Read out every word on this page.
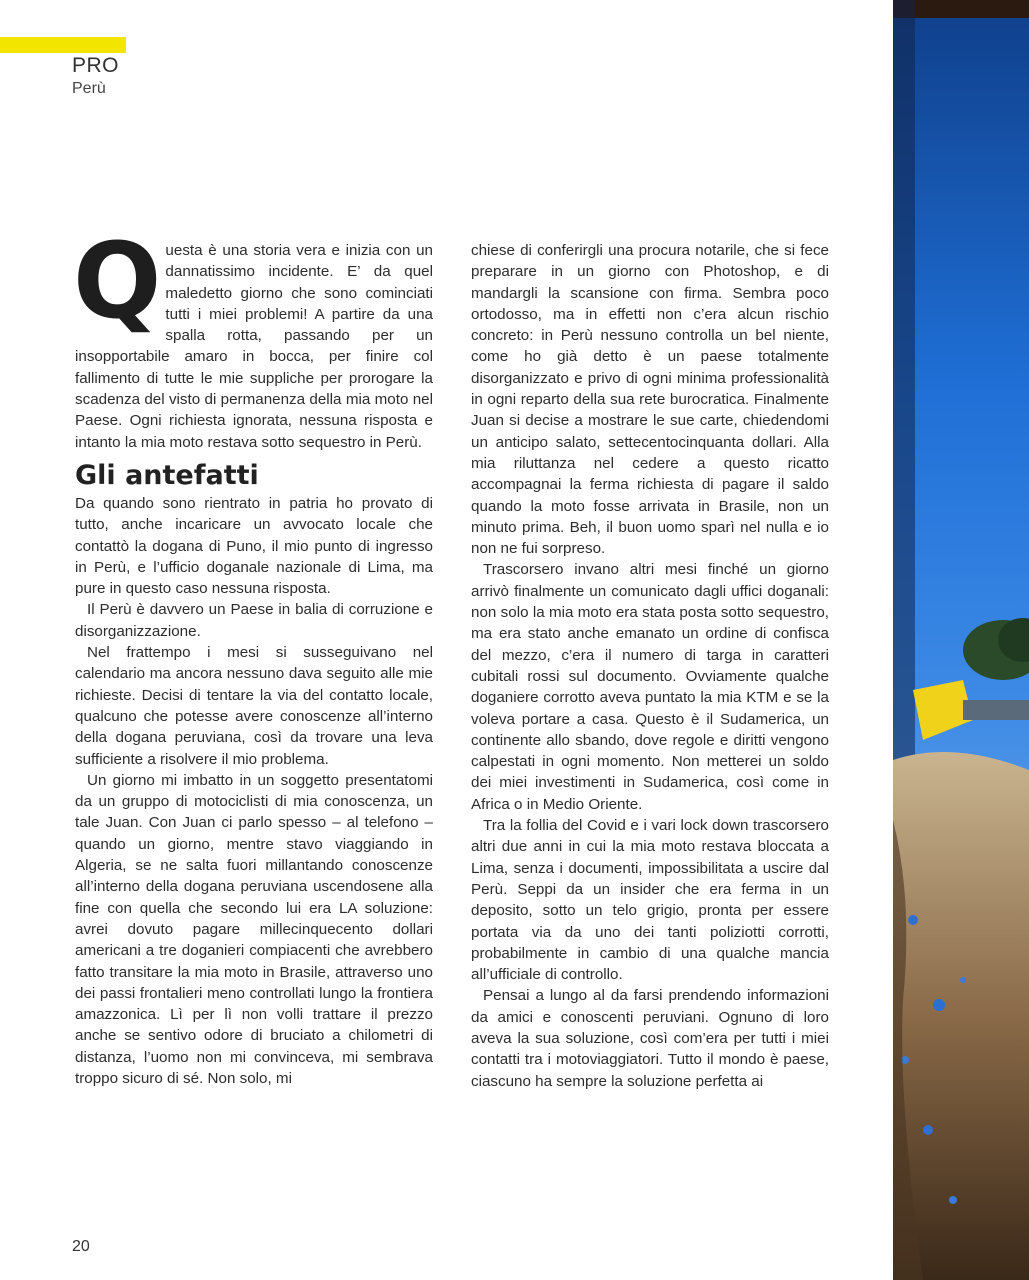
PRO
Perù
Q uesta è una storia vera e inizia con un dannatissimo incidente. E’ da quel maledetto giorno che sono cominciati tutti i miei problemi! A partire da una spalla rotta, passando per un insopportabile amaro in bocca, per finire col fallimento di tutte le mie suppliche per prorogare la scadenza del visto di permanenza della mia moto nel Paese. Ogni richiesta ignorata, nessuna risposta e intanto la mia moto restava sotto sequestro in Perù.

Gli antefatti

Da quando sono rientrato in patria ho provato di tutto, anche incaricare un avvocato locale che contattò la dogana di Puno, il mio punto di ingresso in Perù, e l’ufficio doganale nazionale di Lima, ma pure in questo caso nessuna risposta.

Il Perù è davvero un Paese in balia di corruzione e disorganizzazione.

Nel frattempo i mesi si susseguivano nel calendario ma ancora nessuno dava seguito alle mie richieste. Decisi di tentare la via del contatto locale, qualcuno che potesse avere conoscenze all’interno della dogana peruviana, così da trovare una leva sufficiente a risolvere il mio problema.

Un giorno mi imbatto in un soggetto presentatomi da un gruppo di motociclisti di mia conoscenza, un tale Juan. Con Juan ci parlo spesso – al telefono – quando un giorno, mentre stavo viaggiando in Algeria, se ne salta fuori millantando conoscenze all’interno della dogana peruviana uscendosene alla fine con quella che secondo lui era LA soluzione: avrei dovuto pagare millecinquecento dollari americani a tre doganieri compiacenti che avrebbero fatto transitare la mia moto in Brasile, attraverso uno dei passi frontalieri meno controllati lungo la frontiera amazzonica. Lì per lì non volli trattare il prezzo anche se sentivo odore di bruciato a chilometri di distanza, l’uomo non mi convinceva, mi sembrava troppo sicuro di sé. Non solo, mi

chiese di conferirgli una procura notarile, che si fece preparare in un giorno con Photoshop, e di mandargli la scansione con firma. Sembra poco ortodosso, ma in effetti non c’era alcun rischio concreto: in Perù nessuno controlla un bel niente, come ho già detto è un paese totalmente disorganizzato e privo di ogni minima professionalità in ogni reparto della sua rete burocratica. Finalmente Juan si decise a mostrare le sue carte, chiedendomi un anticipo salato, settecentocinquanta dollari. Alla mia riluttanza nel cedere a questo ricatto accompagnai la ferma richiesta di pagare il saldo quando la moto fosse arrivata in Brasile, non un minuto prima. Beh, il buon uomo sparì nel nulla e io non ne fui sorpreso.

Trascorsero invano altri mesi finché un giorno arrivò finalmente un comunicato dagli uffici doganali: non solo la mia moto era stata posta sotto sequestro, ma era stato anche emanato un ordine di confisca del mezzo, c’era il numero di targa in caratteri cubitali rossi sul documento. Ovviamente qualche doganiere corrotto aveva puntato la mia KTM e se la voleva portare a casa. Questo è il Sudamerica, un continente allo sbando, dove regole e diritti vengono calpestati in ogni momento. Non metterei un soldo dei miei investimenti in Sudamerica, così come in Africa o in Medio Oriente.

Tra la follia del Covid e i vari lock down trascorsero altri due anni in cui la mia moto restava bloccata a Lima, senza i documenti, impossibilitata a uscire dal Perù. Seppi da un insider che era ferma in un deposito, sotto un telo grigio, pronta per essere portata via da uno dei tanti poliziotti corrotti, probabilmente in cambio di una qualche mancia all’ufficiale di controllo.

Pensai a lungo al da farsi prendendo informazioni da amici e conoscenti peruviani. Ognuno di loro aveva la sua soluzione, così com’era per tutti i miei contatti tra i motoviaggiatori. Tutto il mondo è paese, ciascuno ha sempre la soluzione perfetta ai

20
